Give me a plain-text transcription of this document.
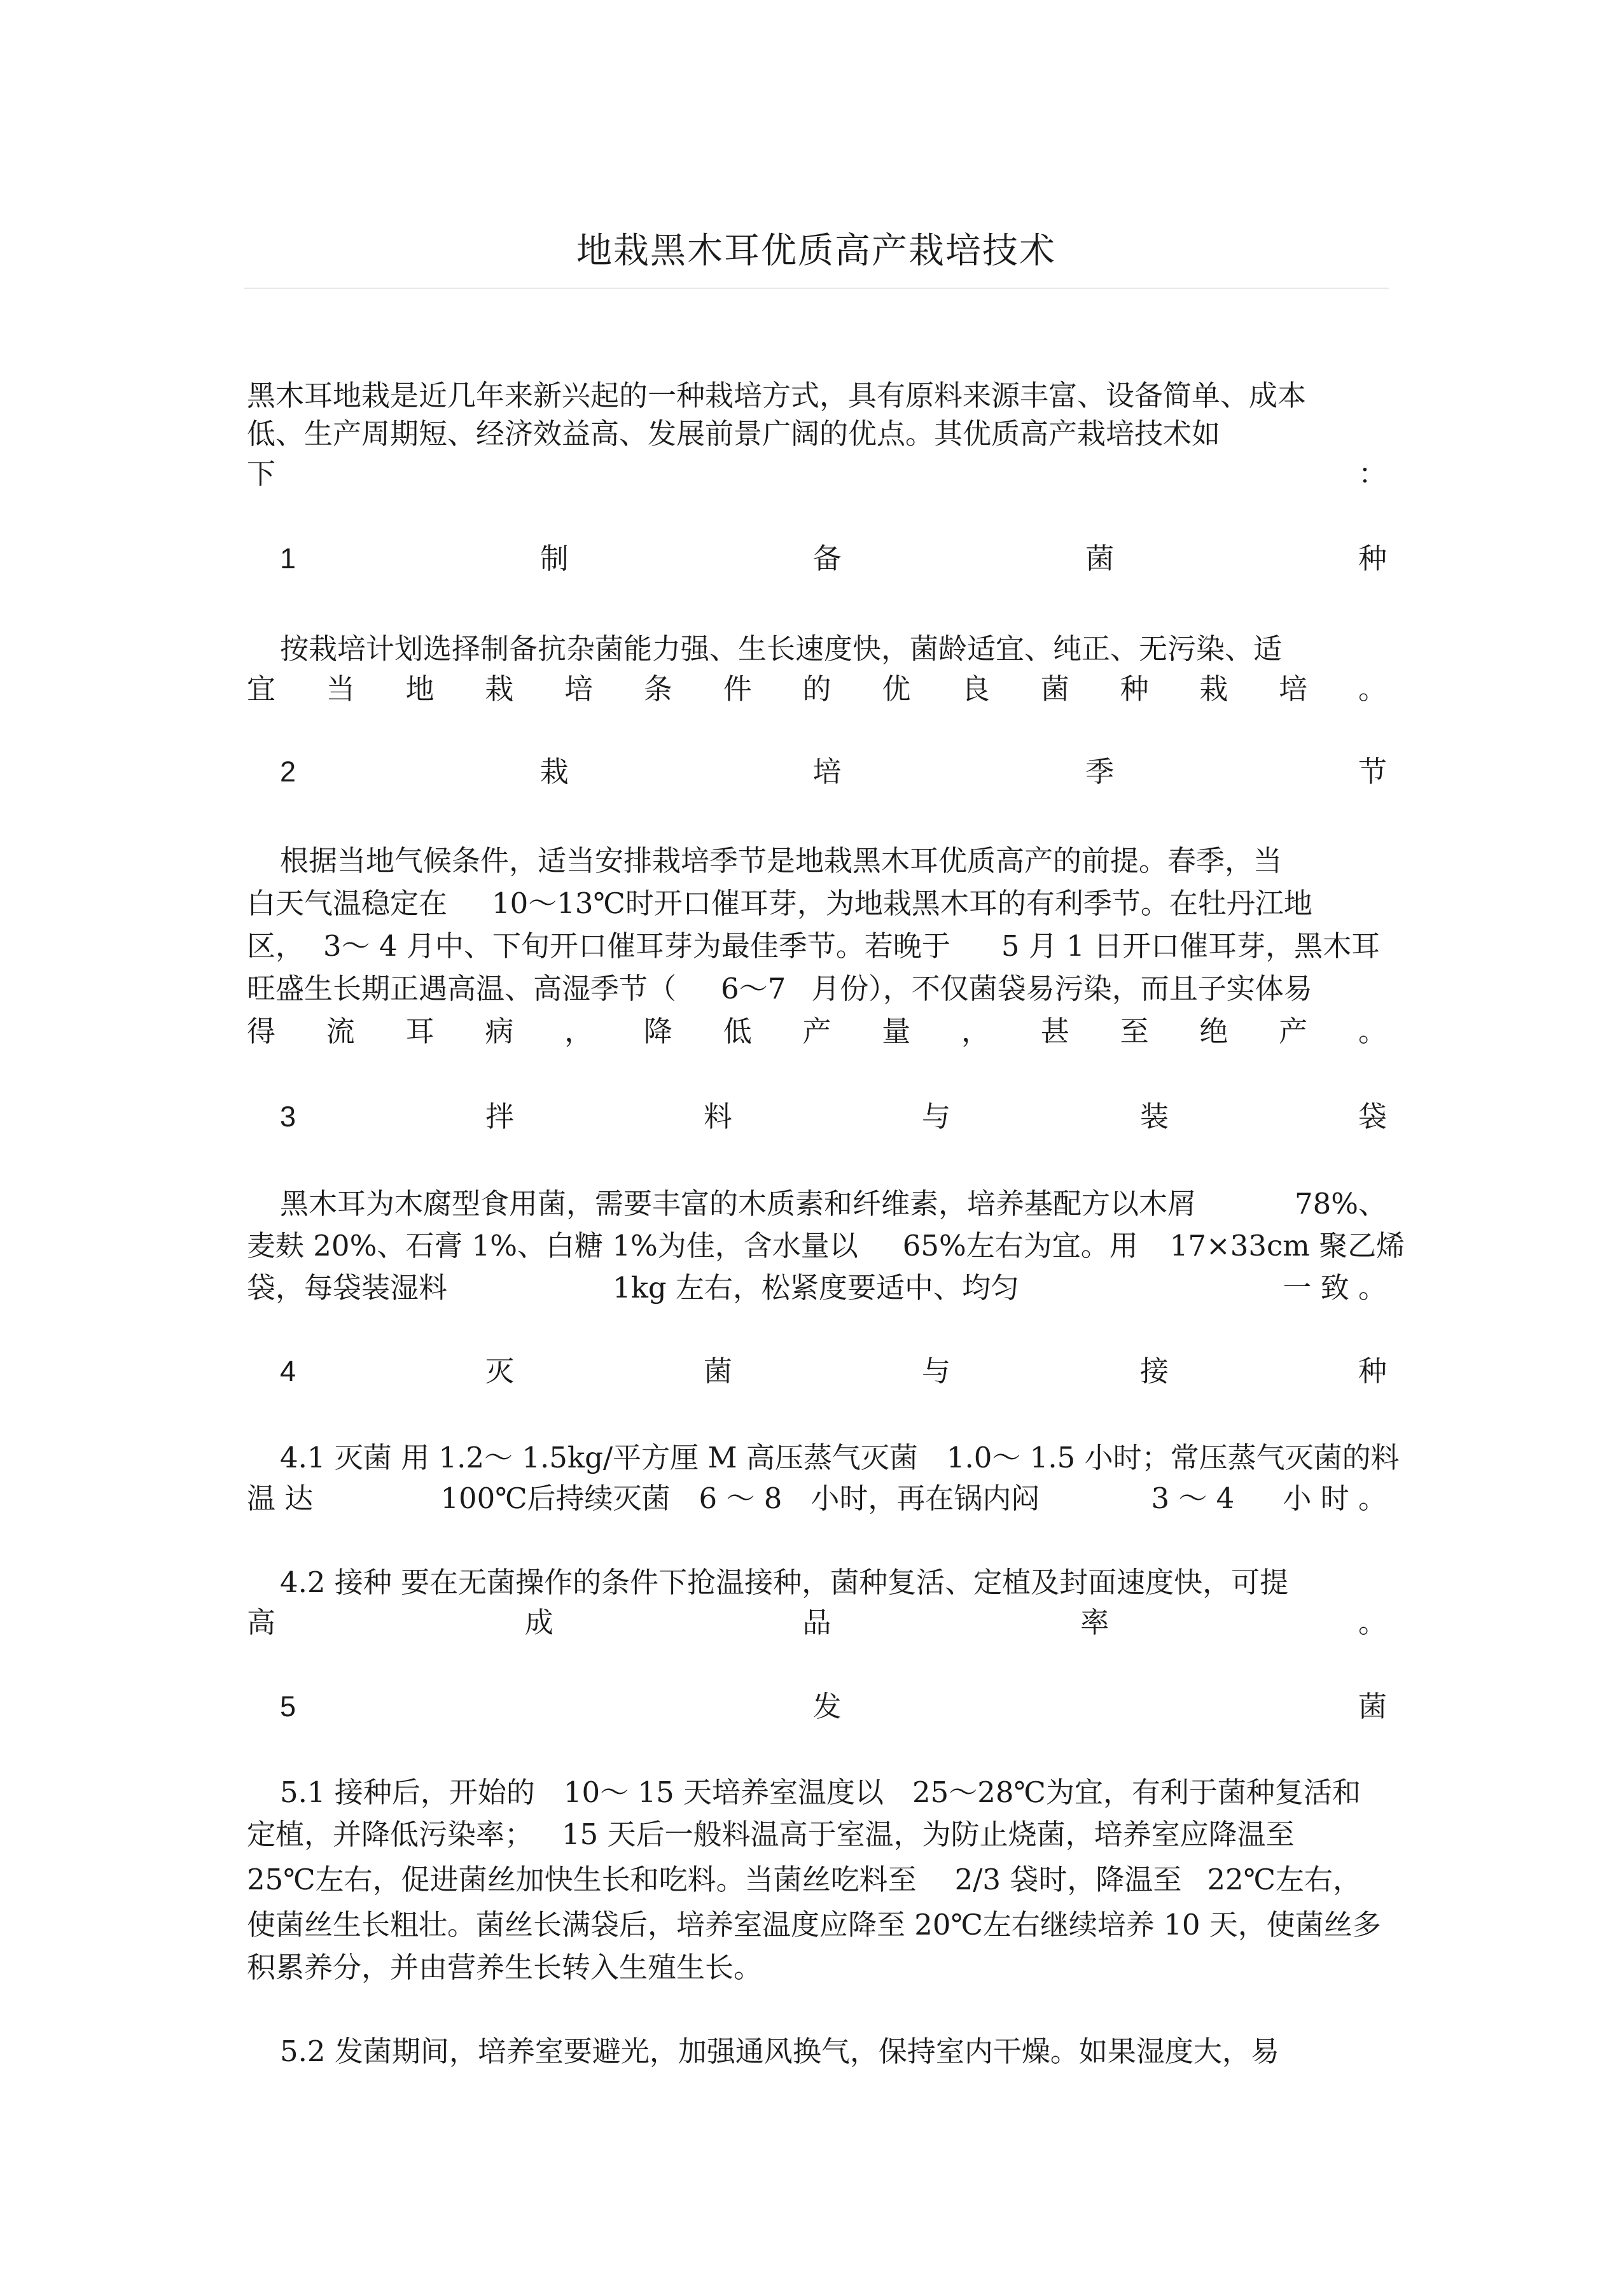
地栽黑木耳优质高产栽培技术
黑木耳地栽是近几年来新兴起的一种栽培方式，具有原料来源丰富、设备简单、成本
低、生产周期短、经济效益高、发展前景广阔的优点。其优质高产栽培技术如
下	：
1	制	备	菌	种
按栽培计划选择制备抗杂菌能力强、生长速度快，菌龄适宜、纯正、无污染、适
宜 当 地 栽 培 条 件 的 优 良 菌 种 栽 培 。
2	栽	培	季	节
根据当地气候条件，适当安排栽培季节是地栽黑木耳优质高产的前提。春季，当
白天气温稳定在 10～13℃时开口催耳芽，为地栽黑木耳的有利季节。在牡丹江地
区， 3～ 4 月中、下旬开口催耳芽为最佳季节。若晚于 5 月 1 日开口催耳芽，黑木耳
旺盛生长期正遇高温、高湿季节（ 6～7 月份），不仅菌袋易污染，而且子实体易
得 流 耳 病 ， 降 低 产 量 ， 甚 至 绝 产 。
3	拌	料	与	装	袋
黑木耳为木腐型食用菌，需要丰富的木质素和纤维素，培养基配方以木屑	78%、
麦麸 20%、石膏 1%、白糖 1%为佳，含水量以 65%左右为宜。用 17×33cm 聚乙烯
袋，每袋装湿料	1kg 左右，松紧度要适中、均匀	一 致 。
4	灭	菌	与	接	种
4.1 灭菌 用 1.2～ 1.5kg/平方厘 M 高压蒸气灭菌 1.0～ 1.5 小时；常压蒸气灭菌的料
温 达	100℃后持续灭菌 6 ～ 8 小时，再在锅内闷	3 ～ 4 小 时 。
4.2 接种 要在无菌操作的条件下抢温接种，菌种复活、定植及封面速度快，可提
高	成	品	率	。
5	发	菌
5.1 接种后，开始的 10～ 15 天培养室温度以 25～28℃为宜，有利于菌种复活和
定植，并降低污染率； 15 天后一般料温高于室温，为防止烧菌，培养室应降温至
25℃左右，促进菌丝加快生长和吃料。当菌丝吃料至 2/3 袋时，降温至 22℃左右，
使菌丝生长粗壮。菌丝长满袋后，培养室温度应降至 20℃左右继续培养 10 天，使菌丝多
积累养分，并由营养生长转入生殖生长。
5.2 发菌期间，培养室要避光，加强通风换气，保持室内干燥。如果湿度大，易
